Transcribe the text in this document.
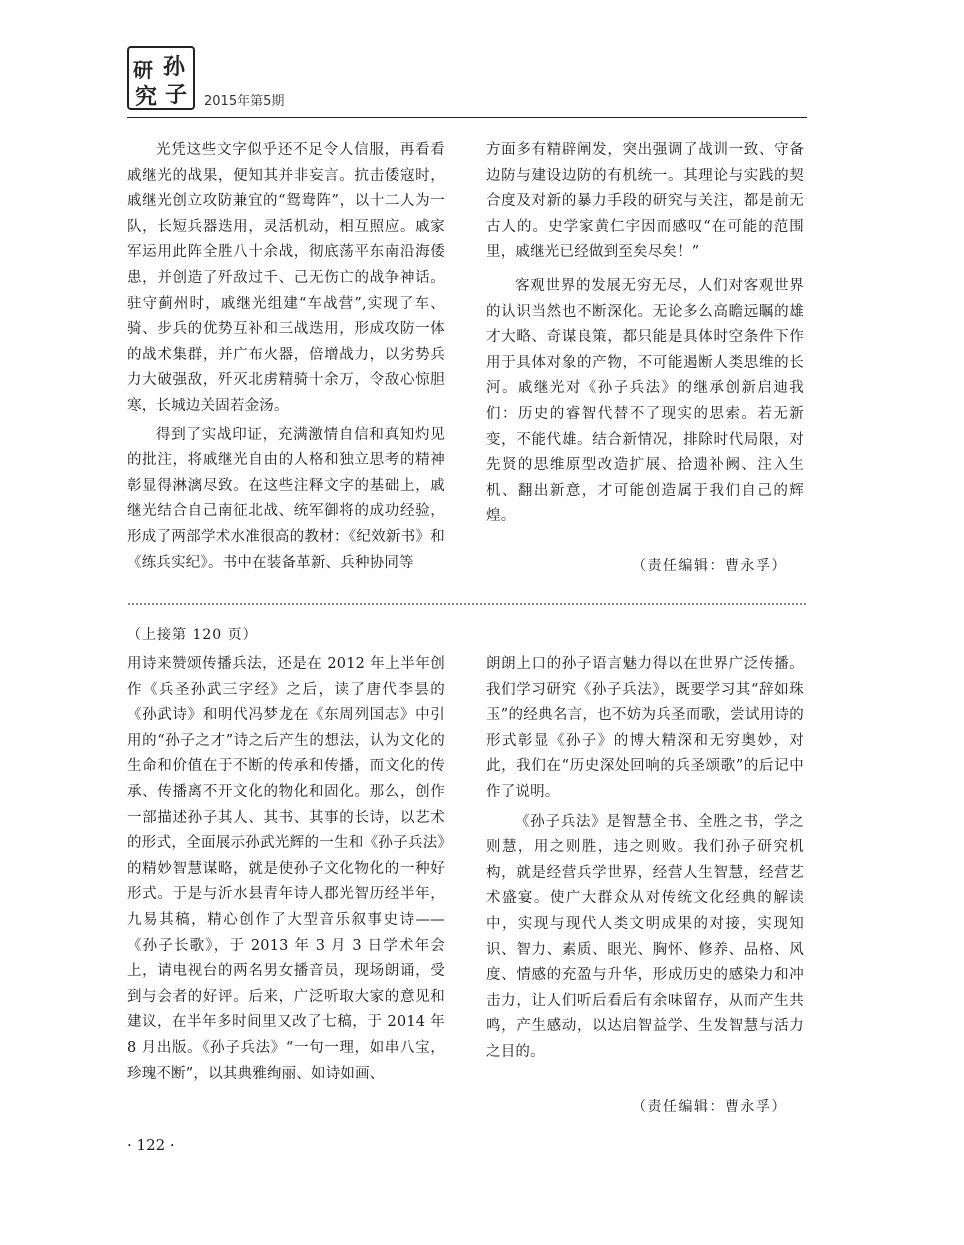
研 孙
究 子 2015年第5期

光凭这些文字似乎还不足令人信服，再看看戚继光的战果，便知其并非妄言。抗击倭寇时，戚继光创立攻防兼宜的“鸳鸯阵”，以十二人为一队，长短兵器迭用，灵活机动，相互照应。戚家军运用此阵全胜八十余战，彻底荡平东南沿海倭患，并创造了歼敌过千、己无伤亡的战争神话。驻守蓟州时，戚继光组建“车战营”,实现了车、骑、步兵的优势互补和三战迭用，形成攻防一体的战术集群，并广布火器，倍增战力，以劣势兵力大破强敌，歼灭北虏精骑十余万，令敌心惊胆寒，长城边关固若金汤。

得到了实战印证，充满激情自信和真知灼见的批注，将戚继光自由的人格和独立思考的精神彰显得淋漓尽致。在这些注释文字的基础上，戚继光结合自己南征北战、统军御将的成功经验，形成了两部学术水准很高的教材：《纪效新书》和《练兵实纪》。书中在装备革新、兵种协同等

方面多有精辟阐发，突出强调了战训一致、守备边防与建设边防的有机统一。其理论与实践的契合度及对新的暴力手段的研究与关注，都是前无古人的。史学家黄仁宇因而感叹“在可能的范围里，戚继光已经做到至矣尽矣！”

客观世界的发展无穷无尽，人们对客观世界的认识当然也不断深化。无论多么高瞻远瞩的雄才大略、奇谋良策，都只能是具体时空条件下作用于具体对象的产物，不可能遏断人类思维的长河。戚继光对《孙子兵法》的继承创新启迪我们：历史的睿智代替不了现实的思索。若无新变，不能代雄。结合新情况，排除时代局限，对先贤的思维原型改造扩展、拾遗补阙、注入生机、翻出新意，才可能创造属于我们自己的辉煌。

（责任编辑：曹永孚）
（上接第 120 页）

用诗来赞颂传播兵法，还是在 2012 年上半年创作《兵圣孙武三字经》之后，读了唐代李昙的《孙武诗》和明代冯梦龙在《东周列国志》中引用的“孙子之才”诗之后产生的想法，认为文化的生命和价值在于不断的传承和传播，而文化的传承、传播离不开文化的物化和固化。那么，创作一部描述孙子其人、其书、其事的长诗，以艺术的形式，全面展示孙武光辉的一生和《孙子兵法》的精妙智慧谋略，就是使孙子文化物化的一种好形式。于是与沂水县青年诗人郡光智历经半年，九易其稿，精心创作了大型音乐叙事史诗——《孙子长歌》，于 2013 年 3 月 3 日学术年会上，请电视台的两名男女播音员，现场朗诵，受到与会者的好评。后来，广泛听取大家的意见和建议，在半年多时间里又改了七稿，于 2014 年 8 月出版。《孙子兵法》“一句一理，如串八宝，珍瑰不断”，以其典雅绚丽、如诗如画、

朗朗上口的孙子语言魅力得以在世界广泛传播。我们学习研究《孙子兵法》，既要学习其“辞如珠玉”的经典名言，也不妨为兵圣而歌，尝试用诗的形式彰显《孙子》的博大精深和无穷奥妙，对此，我们在“历史深处回响的兵圣颂歌”的后记中作了说明。

《孙子兵法》是智慧全书、全胜之书，学之则慧，用之则胜，违之则败。我们孙子研究机构，就是经营兵学世界，经营人生智慧，经营艺术盛宴。使广大群众从对传统文化经典的解读中，实现与现代人类文明成果的对接，实现知识、智力、素质、眼光、胸怀、修养、品格、风度、情感的充盈与升华，形成历史的感染力和冲击力，让人们听后看后有余味留存，从而产生共鸣，产生感动，以达启智益学、生发智慧与活力之目的。

（责任编辑：曹永孚）
· 122 ·
